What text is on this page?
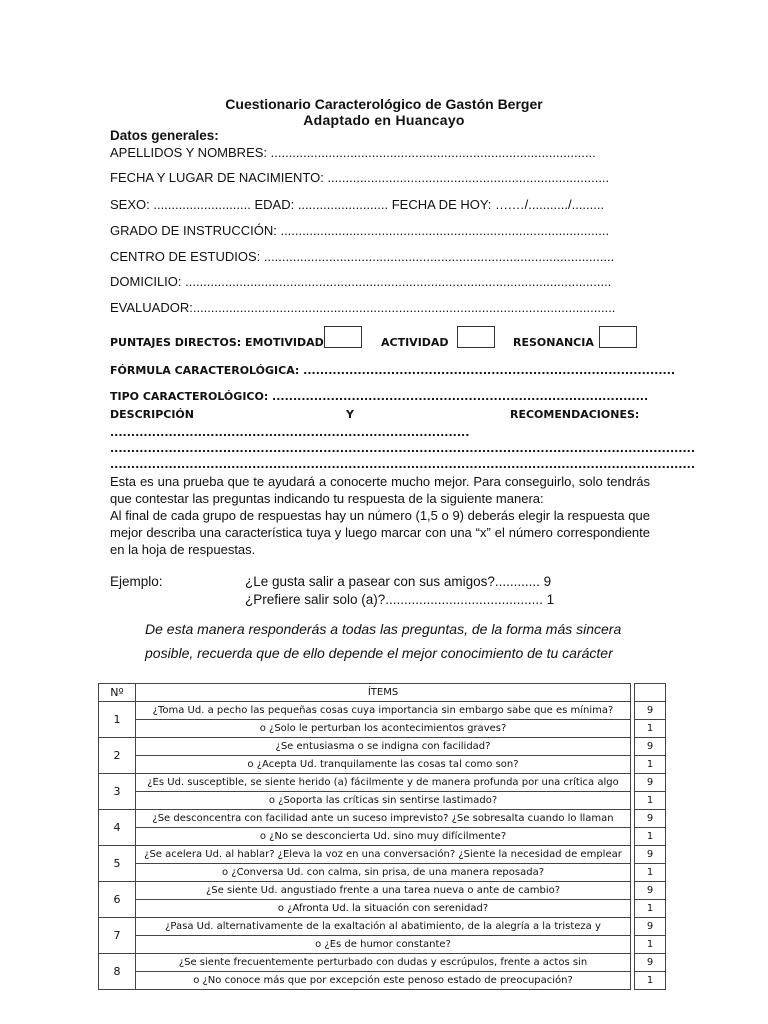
Cuestionario Caracterológico de Gastón Berger
Adaptado en Huancayo
Datos generales:
APELLIDOS Y NOMBRES: ..........................................................................................
FECHA Y LUGAR DE NACIMIENTO: ..............................................................................
SEXO: ........................... EDAD: ......................... FECHA DE HOY: ….…/.........../.........
GRADO DE INSTRUCCIÓN: ...........................................................................................
CENTRO DE ESTUDIOS: .................................................................................................
DOMICILIO: ......................................................................................................................
EVALUADOR:.....................................................................................................................
PUNTAJES DIRECTOS: EMOTIVIDAD	ACTIVIDAD	RESONANCIA
FÓRMULA CARACTEROLÓGICA: .........................................................................................
TIPO CARACTEROLÓGICO: ..........................................................................................
DESCRIPCIÓN	Y	RECOMENDACIONES:
......................................................................................
............................................................................................................................................
............................................................................................................................................
Esta es una prueba que te ayudará a conocerte mucho mejor. Para conseguirlo, solo tendrás que contestar las preguntas indicando tu respuesta de la siguiente manera:
Al final de cada grupo de respuestas hay un número (1,5 o 9) deberás elegir la respuesta que mejor describa una característica tuya y luego marcar con una “x” el número correspondiente en la hoja de respuestas.
Ejemplo:	¿Le gusta salir a pasear con sus amigos?............ 9
¿Prefiere salir solo (a)?.......................................... 1
De esta manera responderás a todas las preguntas, de la forma más sincera posible, recuerda que de ello depende el mejor conocimiento de tu carácter
Nº	ÍTEMS		
1	¿Toma Ud. a pecho las pequeñas cosas cuya importancia sin embargo sabe que es mínima?		9
	o ¿Solo le perturban los acontecimientos graves?		1
2	¿Se entusiasma o se indigna con facilidad?		9
	o ¿Acepta Ud. tranquilamente las cosas tal como son?		1
3	¿Es Ud. susceptible, se siente herido (a) fácilmente y de manera profunda por una crítica algo		9
	o ¿Soporta las críticas sin sentirse lastimado?		1
4	¿Se desconcentra con facilidad ante un suceso imprevisto? ¿Se sobresalta cuando lo llaman		9
	o ¿No se desconcierta Ud. sino muy difícilmente?		1
5	¿Se acelera Ud. al hablar? ¿Eleva la voz en una conversación? ¿Siente la necesidad de emplear		9
	o ¿Conversa Ud. con calma, sin prisa, de una manera reposada?		1
6	¿Se siente Ud. angustiado frente a una tarea nueva o ante de cambio?		9
	o ¿Afronta Ud. la situación con serenidad?		1
7	¿Pasa Ud. alternativamente de la exaltación al abatimiento, de la alegría a la tristeza y		9
	o ¿Es de humor constante?		1
8	¿Se siente frecuentemente perturbado con dudas y escrúpulos, frente a actos sin		9
	o ¿No conoce más que por excepción este penoso estado de preocupación?		1
